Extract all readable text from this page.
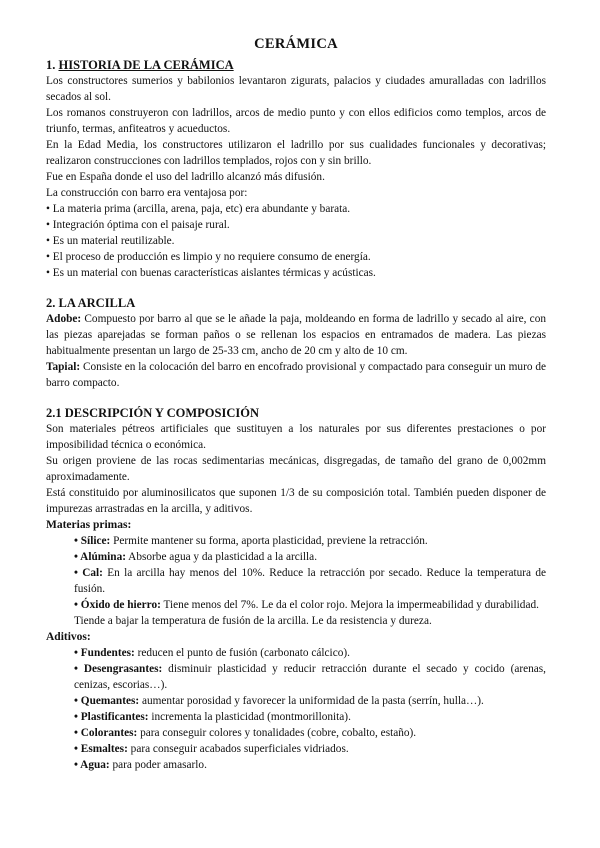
CERÁMICA
1. HISTORIA DE LA CERÁMICA

Los constructores sumerios y babilonios levantaron zigurats, palacios y ciudades amuralladas con ladrillos secados al sol.

Los romanos construyeron con ladrillos, arcos de medio punto y con ellos edificios como templos, arcos de triunfo, termas, anfiteatros y acueductos.

En la Edad Media, los constructores utilizaron el ladrillo por sus cualidades funcionales y decorativas; realizaron construcciones con ladrillos templados, rojos con y sin brillo.

Fue en España donde el uso del ladrillo alcanzó más difusión.

La construcción con barro era ventajosa por:

• La materia prima (arcilla, arena, paja, etc) era abundante y barata.

• Integración óptima con el paisaje rural.

• Es un material reutilizable.

• El proceso de producción es limpio y no requiere consumo de energía.

• Es un material con buenas características aislantes térmicas y acústicas.

2. LA ARCILLA

Adobe: Compuesto por barro al que se le añade la paja, moldeando en forma de ladrillo y secado al aire, con las piezas aparejadas se forman paños o se rellenan los espacios en entramados de madera. Las piezas habitualmente presentan un largo de 25-33 cm, ancho de 20 cm y alto de 10 cm.

Tapial: Consiste en la colocación del barro en encofrado provisional y compactado para conseguir un muro de barro compacto.

2.1 DESCRIPCIÓN Y COMPOSICIÓN

Son materiales pétreos artificiales que sustituyen a los naturales por sus diferentes prestaciones o por imposibilidad técnica o económica.

Su origen proviene de las rocas sedimentarias mecánicas, disgregadas, de tamaño del grano de 0,002mm aproximadamente.

Está constituido por aluminosilicatos que suponen 1/3 de su composición total. También pueden disponer de impurezas arrastradas en la arcilla, y aditivos.

Materias primas:

• Sílice: Permite mantener su forma, aporta plasticidad, previene la retracción.

• Alúmina: Absorbe agua y da plasticidad a la arcilla.

• Cal: En la arcilla hay menos del 10%. Reduce la retracción por secado. Reduce la temperatura de fusión.

• Óxido de hierro: Tiene menos del 7%. Le da el color rojo. Mejora la impermeabilidad y durabilidad. Tiende a bajar la temperatura de fusión de la arcilla. Le da resistencia y dureza.

Aditivos:

• Fundentes: reducen el punto de fusión (carbonato cálcico).

• Desengrasantes: disminuir plasticidad y reducir retracción durante el secado y cocido (arenas, cenizas, escorias…).

• Quemantes: aumentar porosidad y favorecer la uniformidad de la pasta (serrín, hulla…).

• Plastificantes: incrementa la plasticidad (montmorillonita).

• Colorantes: para conseguir colores y tonalidades (cobre, cobalto, estaño).

• Esmaltes: para conseguir acabados superficiales vidriados.

• Agua: para poder amasarlo.
